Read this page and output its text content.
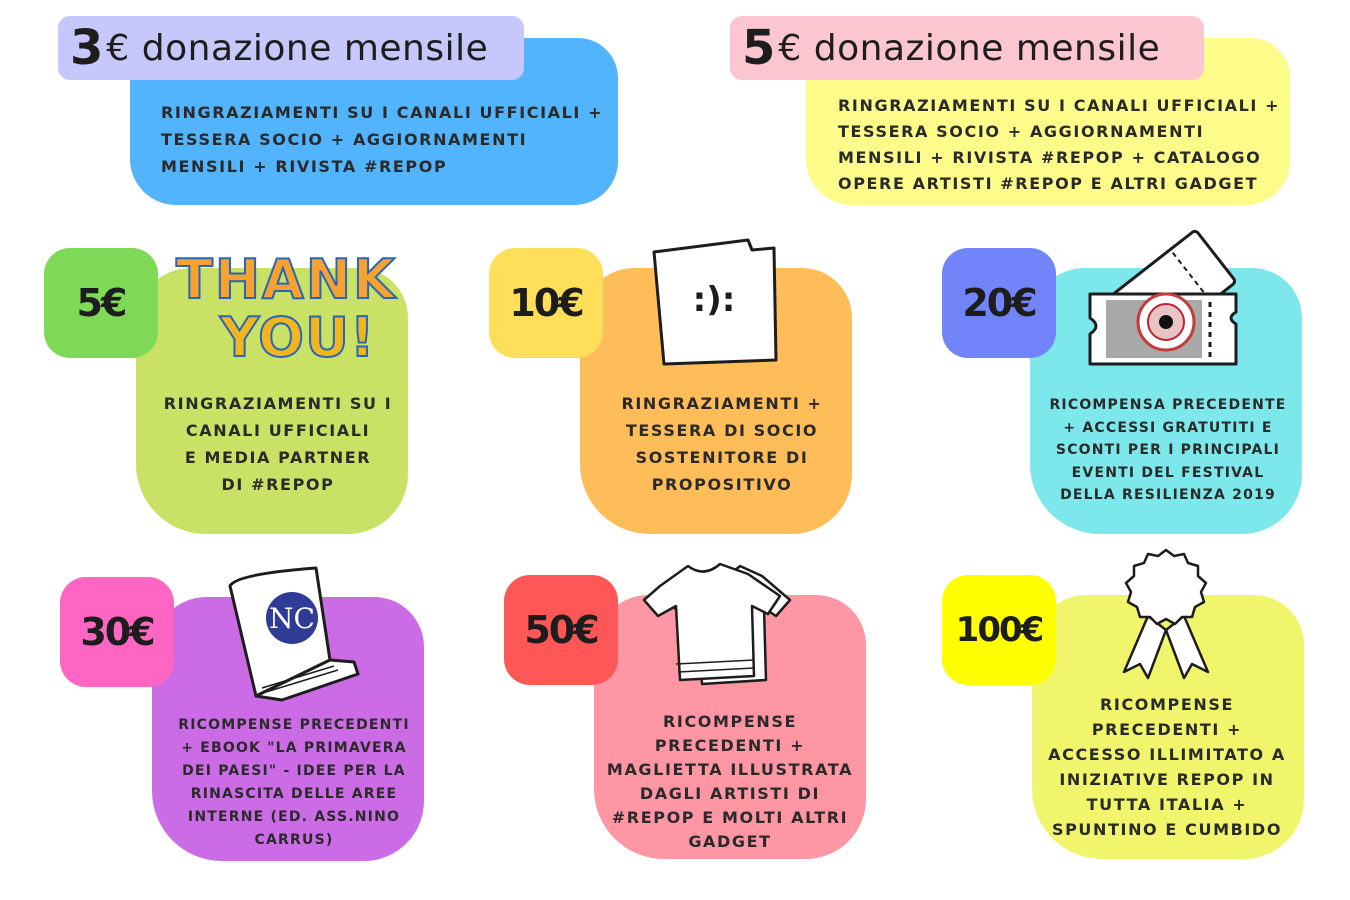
3 € donazione mensile
RINGRAZIAMENTI SU I CANALI UFFICIALI +
TESSERA SOCIO + AGGIORNAMENTI
MENSILI + RIVISTA #REPOP
5 € donazione mensile
RINGRAZIAMENTI SU I CANALI UFFICIALI +
TESSERA SOCIO + AGGIORNAMENTI
MENSILI + RIVISTA #REPOP + CATALOGO
OPERE ARTISTI #REPOP E ALTRI GADGET
5€ THANK
YOU!
RINGRAZIAMENTI SU I
CANALI UFFICIALI
E MEDIA PARTNER
DI #REPOP
10€	:):
RINGRAZIAMENTI +
TESSERA DI SOCIO
SOSTENITORE DI
PROPOSITIVO
20€
RICOMPENSA PRECEDENTE
+ ACCESSI GRATUTITI E
SCONTI PER I PRINCIPALI
EVENTI DEL FESTIVAL
DELLA RESILIENZA 2019
30€	NC
RICOMPENSE PRECEDENTI
+ EBOOK "LA PRIMAVERA
DEI PAESI" - IDEE PER LA
RINASCITA DELLE AREE
INTERNE (ED. ASS.NINO
CARRUS)
50€
RICOMPENSE
PRECEDENTI +
MAGLIETTA ILLUSTRATA
DAGLI ARTISTI DI
#REPOP E MOLTI ALTRI
GADGET
100€
RICOMPENSE
PRECEDENTI +
ACCESSO ILLIMITATO A
INIZIATIVE REPOP IN
TUTTA ITALIA +
SPUNTINO E CUMBIDO
